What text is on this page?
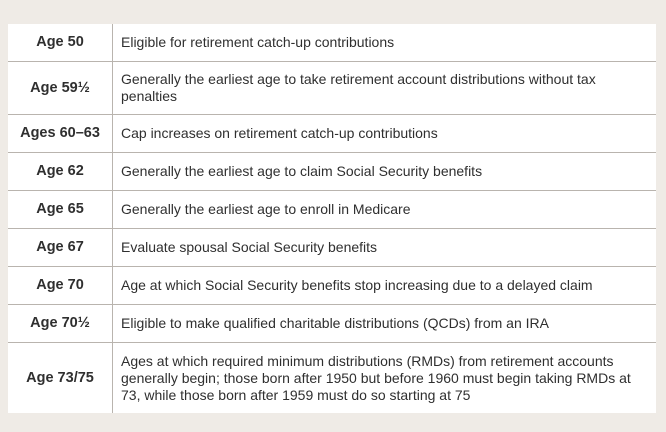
Age 50	Eligible for retirement catch-up contributions
Age 59½	Generally the earliest age to take retirement account distributions without tax penalties
Ages 60–63	Cap increases on retirement catch-up contributions
Age 62	Generally the earliest age to claim Social Security benefits
Age 65	Generally the earliest age to enroll in Medicare
Age 67	Evaluate spousal Social Security benefits
Age 70	Age at which Social Security benefits stop increasing due to a delayed claim
Age 70½	Eligible to make qualified charitable distributions (QCDs) from an IRA
Age 73/75	Ages at which required minimum distributions (RMDs) from retirement accounts generally begin; those born after 1950 but before 1960 must begin taking RMDs at 73, while those born after 1959 must do so starting at 75
